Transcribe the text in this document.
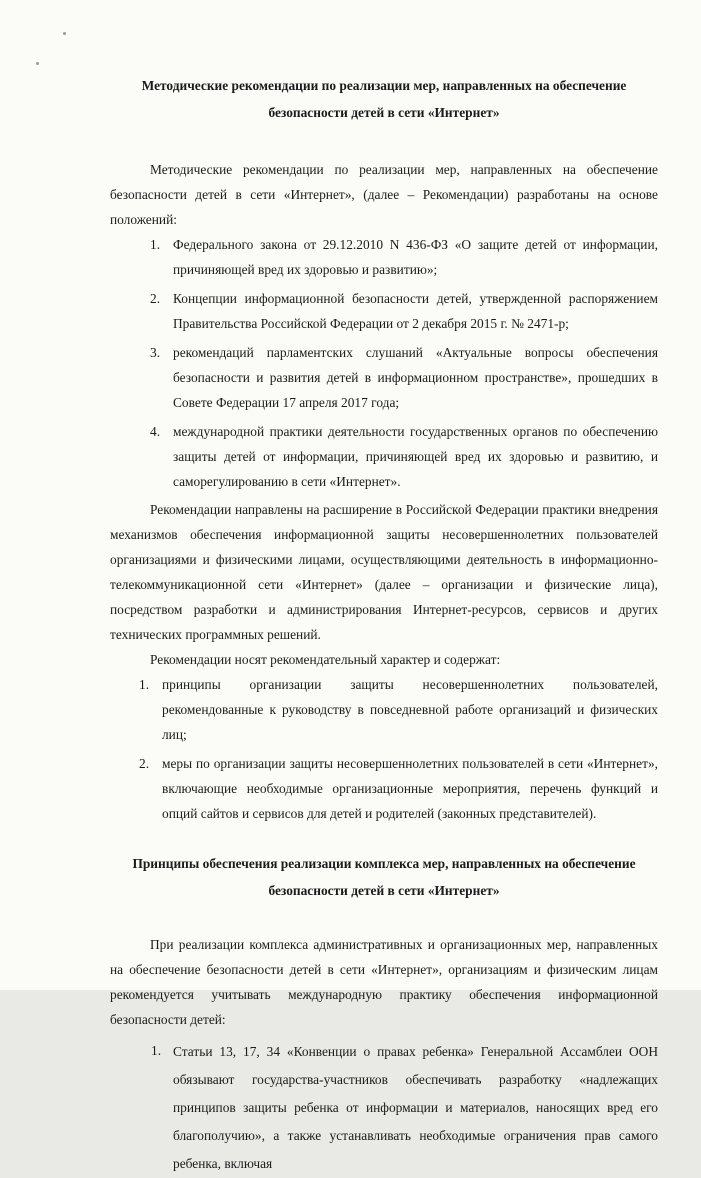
Методические рекомендации по реализации мер, направленных на обеспечение безопасности детей в сети «Интернет»

Методические рекомендации по реализации мер, направленных на обеспечение безопасности детей в сети «Интернет», (далее – Рекомендации) разработаны на основе положений:

1. Федерального закона от 29.12.2010 N 436-ФЗ «О защите детей от информации, причиняющей вред их здоровью и развитию»;
2. Концепции информационной безопасности детей, утвержденной распоряжением Правительства Российской Федерации от 2 декабря 2015 г. № 2471-р;
3. рекомендаций парламентских слушаний «Актуальные вопросы обеспечения безопасности и развития детей в информационном пространстве», прошедших в Совете Федерации 17 апреля 2017 года;
4. международной практики деятельности государственных органов по обеспечению защиты детей от информации, причиняющей вред их здоровью и развитию, и саморегулированию в сети «Интернет».

Рекомендации направлены на расширение в Российской Федерации практики внедрения механизмов обеспечения информационной защиты несовершеннолетних пользователей организациями и физическими лицами, осуществляющими деятельность в информационно-телекоммуникационной сети «Интернет» (далее – организации и физические лица), посредством разработки и администрирования Интернет-ресурсов, сервисов и других технических программных решений.

Рекомендации носят рекомендательный характер и содержат:

1. принципы организации защиты несовершеннолетних пользователей, рекомендованные к руководству в повседневной работе организаций и физических лиц;
2. меры по организации защиты несовершеннолетних пользователей в сети «Интернет», включающие необходимые организационные мероприятия, перечень функций и опций сайтов и сервисов для детей и родителей (законных представителей).
Принципы обеспечения реализации комплекса мер, направленных на обеспечение безопасности детей в сети «Интернет»

При реализации комплекса административных и организационных мер, направленных на обеспечение безопасности детей в сети «Интернет», организациям и физическим лицам рекомендуется учитывать международную практику обеспечения информационной безопасности детей:

1. Статьи 13, 17, 34 «Конвенции о правах ребенка» Генеральной Ассамблеи ООН обязывают государства-участников обеспечивать разработку «надлежащих принципов защиты ребенка от информации и материалов, наносящих вред его благополучию», а также устанавливать необходимые ограничения прав самого ребенка, включая
